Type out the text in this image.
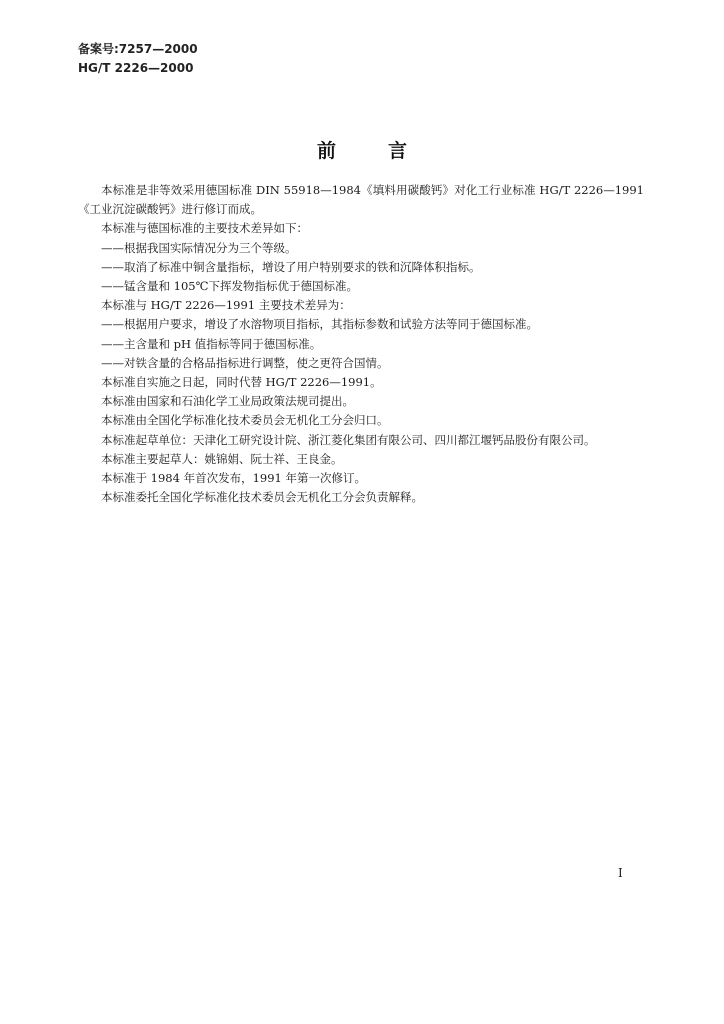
备案号:7257—2000
HG/T 2226—2000
前	言

本标准是非等效采用德国标准 DIN 55918—1984《填料用碳酸钙》对化工行业标准 HG/T 2226—1991《工业沉淀碳酸钙》进行修订而成。

本标准与德国标准的主要技术差异如下：

——根据我国实际情况分为三个等级。

——取消了标准中铜含量指标，增设了用户特别要求的铁和沉降体积指标。

——锰含量和 105℃下挥发物指标优于德国标准。

本标准与 HG/T 2226—1991 主要技术差异为：

——根据用户要求，增设了水溶物项目指标，其指标参数和试验方法等同于德国标准。

——主含量和 pH 值指标等同于德国标准。

——对铁含量的合格品指标进行调整，使之更符合国情。

本标准自实施之日起，同时代替 HG/T 2226—1991。

本标准由国家和石油化学工业局政策法规司提出。

本标准由全国化学标准化技术委员会无机化工分会归口。

本标准起草单位：天津化工研究设计院、浙江菱化集团有限公司、四川都江堰钙品股份有限公司。

本标准主要起草人：姚锦娟、阮士祥、王良金。

本标准于 1984 年首次发布，1991 年第一次修订。

本标准委托全国化学标准化技术委员会无机化工分会负责解释。

I
